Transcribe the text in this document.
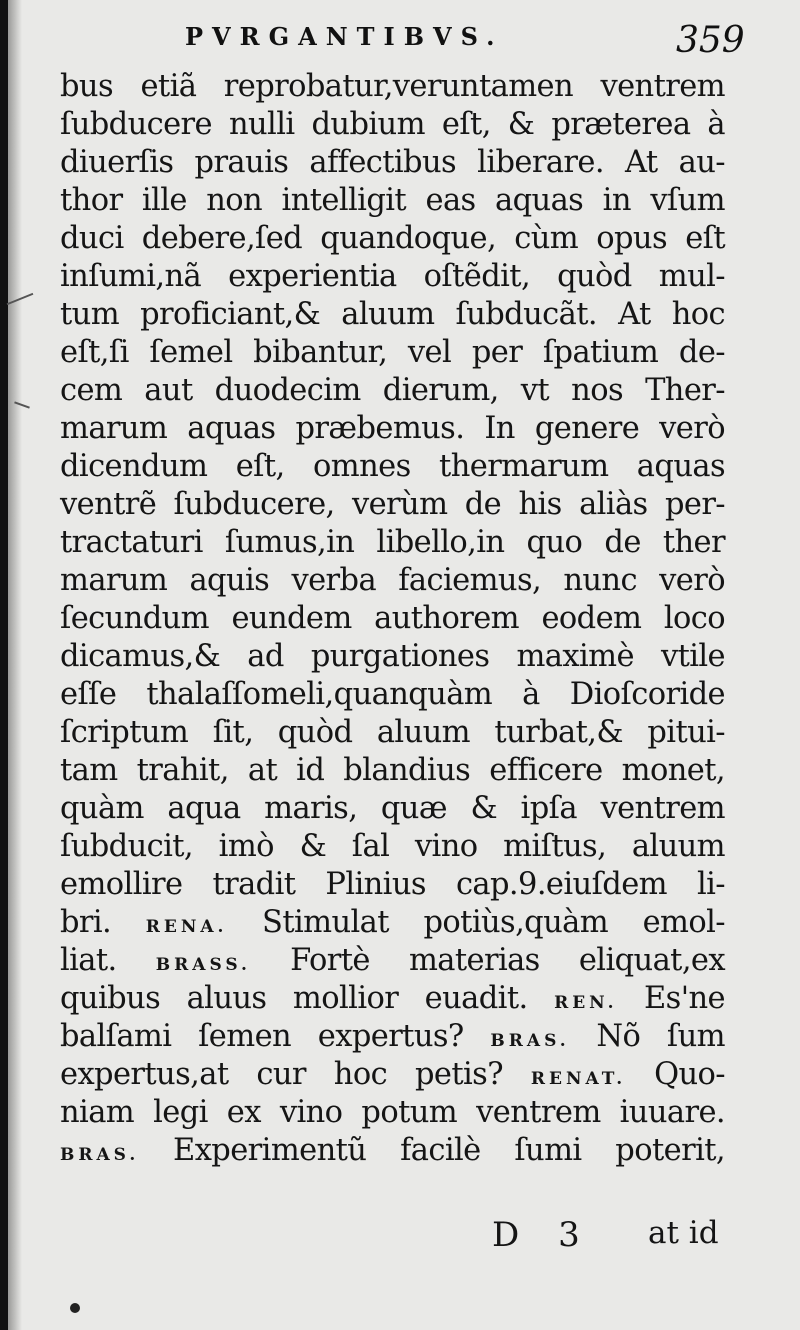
PVRGANTIBVS.	359
bus etiã reprobatur,veruntamen ventrem
ſubducere nulli dubium eſt, & præterea à
diuerſis prauis affectibus liberare. At au-
thor ille non intelligit eas aquas in vſum
duci debere,ſed quandoque, cùm opus eſt
inſumi,nã experientia oſtẽdit, quòd mul-
tum proficiant,& aluum ſubducãt. At hoc
eſt,ſi ſemel bibantur, vel per ſpatium de-
cem aut duodecim dierum, vt nos Ther-
marum aquas præbemus. In genere verò
dicendum eſt, omnes thermarum aquas
ventrẽ ſubducere, verùm de his aliàs per-
tractaturi ſumus,in libello,in quo de ther
marum aquis verba faciemus, nunc verò
ſecundum eundem authorem eodem loco
dicamus,& ad purgationes maximè vtile
eſſe thalaſſomeli,quanquàm à Dioſcoride
ſcriptum ſit, quòd aluum turbat,& pitui-
tam trahit, at id blandius efficere monet,
quàm aqua maris, quæ & ipſa ventrem
ſubducit, imò & ſal vino miſtus, aluum
emollire tradit Plinius cap.9.eiuſdem li-
bri. RENA. Stimulat potiùs,quàm emol-
liat. BRASS. Fortè materias eliquat,ex
quibus aluus mollior euadit. REN. Es'ne
balſami ſemen expertus? BRAS. Nõ ſum
expertus,at cur hoc petis? RENAT. Quo-
niam legi ex vino potum ventrem iuuare.
BRAS. Experimentũ facilè ſumi poterit,
D 3 at id
